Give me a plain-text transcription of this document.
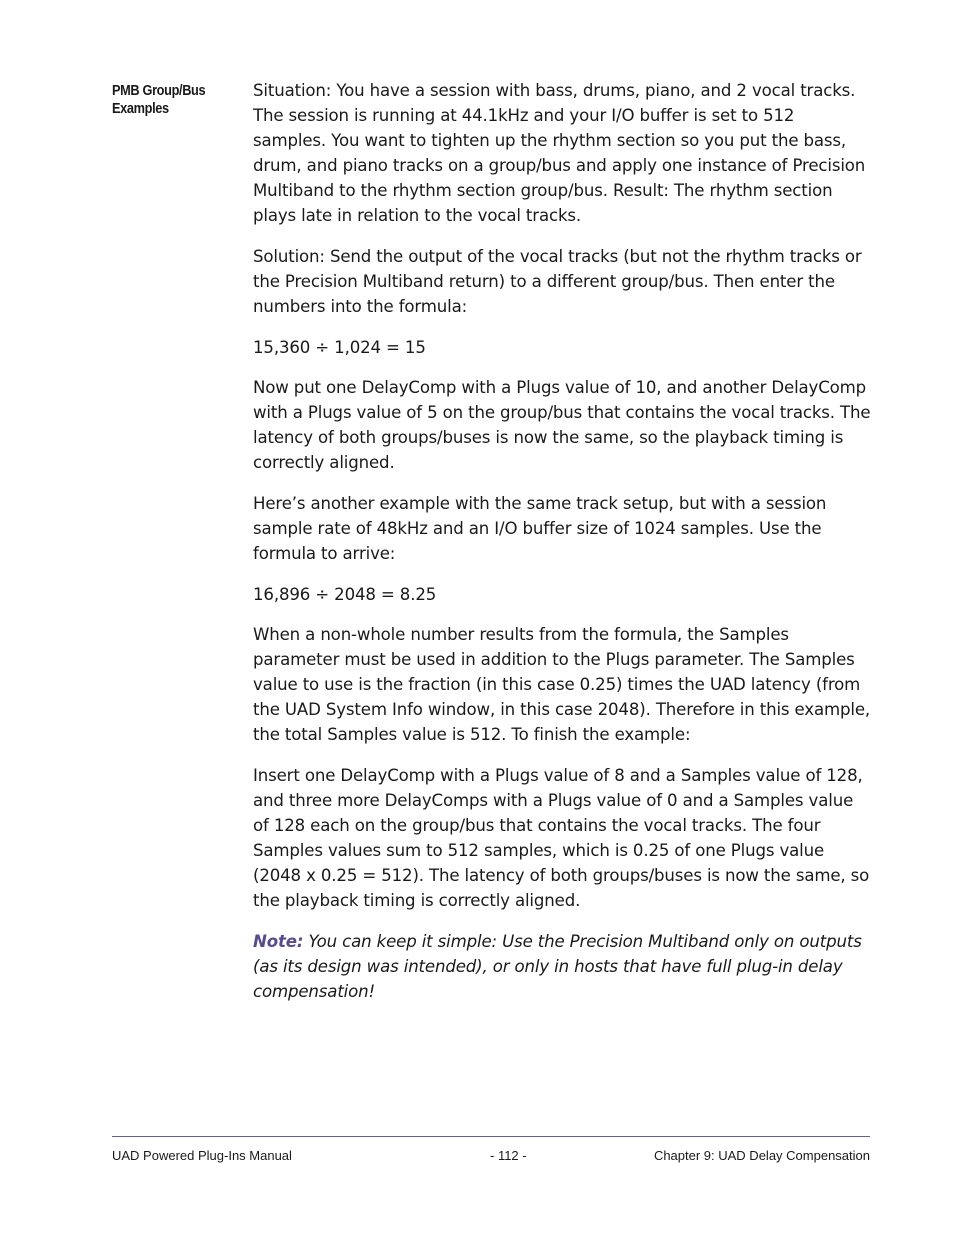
PMB Group/Bus
Examples

Situation: You have a session with bass, drums, piano, and 2 vocal tracks. The session is running at 44.1kHz and your I/O buffer is set to 512 samples. You want to tighten up the rhythm section so you put the bass, drum, and piano tracks on a group/bus and apply one instance of Precision Multiband to the rhythm section group/bus. Result: The rhythm section plays late in relation to the vocal tracks.

Solution: Send the output of the vocal tracks (but not the rhythm tracks or the Precision Multiband return) to a different group/bus. Then enter the numbers into the formula:

15,360 ÷ 1,024 = 15

Now put one DelayComp with a Plugs value of 10, and another DelayComp with a Plugs value of 5 on the group/bus that contains the vocal tracks. The latency of both groups/buses is now the same, so the playback timing is correctly aligned.

Here’s another example with the same track setup, but with a session sample rate of 48kHz and an I/O buffer size of 1024 samples. Use the formula to arrive:

16,896 ÷ 2048 = 8.25

When a non-whole number results from the formula, the Samples parameter must be used in addition to the Plugs parameter. The Samples value to use is the fraction (in this case 0.25) times the UAD latency (from the UAD System Info window, in this case 2048). Therefore in this example, the total Samples value is 512. To finish the example:

Insert one DelayComp with a Plugs value of 8 and a Samples value of 128, and three more DelayComps with a Plugs value of 0 and a Samples value of 128 each on the group/bus that contains the vocal tracks. The four Samples values sum to 512 samples, which is 0.25 of one Plugs value (2048 x 0.25 = 512). The latency of both groups/buses is now the same, so the playback timing is correctly aligned.

Note: You can keep it simple: Use the Precision Multiband only on outputs (as its design was intended), or only in hosts that have full plug-in delay compensation!

UAD Powered Plug-Ins Manual	- 112 -	Chapter 9: UAD Delay Compensation
